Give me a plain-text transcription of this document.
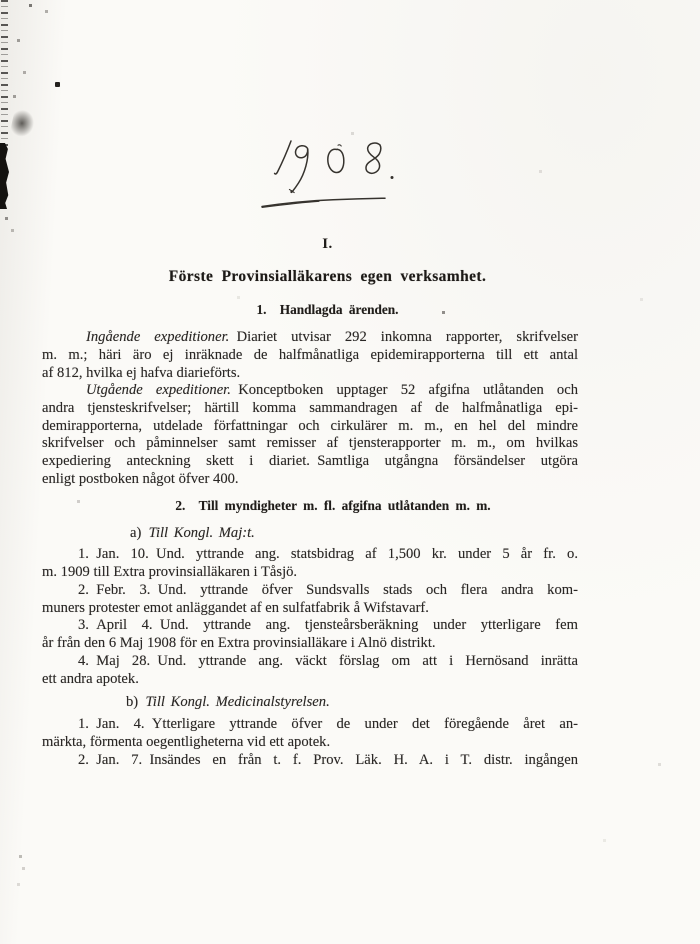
I.
Förste Provinsialläkarens egen verksamhet.
1. Handlagda ärenden.
Ingående expeditioner. Diariet utvisar 292 inkomna rapporter, skrifvelser
m. m.; häri äro ej inräknade de halfmånatliga epidemirapporterna till ett antal
af 812, hvilka ej hafva diarieförts.
Utgående expeditioner. Konceptboken upptager 52 afgifna utlåtanden och
andra tjensteskrifvelser; härtill komma sammandragen af de halfmånatliga epi-
demirapporterna, utdelade författningar och cirkulärer m. m., en hel del mindre
skrifvelser och påminnelser samt remisser af tjensterapporter m. m., om hvilkas
expediering anteckning skett i diariet. Samtliga utgångna försändelser utgöra
enligt postboken något öfver 400.
2. Till myndigheter m. fl. afgifna utlåtanden m. m.
a) Till Kongl. Maj:t.
1. Jan. 10. Und. yttrande ang. statsbidrag af 1,500 kr. under 5 år fr. o.
m. 1909 till Extra provinsialläkaren i Tåsjö.
2. Febr. 3. Und. yttrande öfver Sundsvalls stads och flera andra kom-
muners protester emot anläggandet af en sulfatfabrik å Wifstavarf.
3. April 4. Und. yttrande ang. tjensteårsberäkning under ytterligare fem
år från den 6 Maj 1908 för en Extra provinsialläkare i Alnö distrikt.
4. Maj 28. Und. yttrande ang. väckt förslag om att i Hernösand inrätta
ett andra apotek.
b) Till Kongl. Medicinalstyrelsen.
1. Jan. 4. Ytterligare yttrande öfver de under det föregående året an-
märkta, förmenta oegentligheterna vid ett apotek.
2. Jan. 7. Insändes en från t. f. Prov. Läk. H. A. i T. distr. ingången
